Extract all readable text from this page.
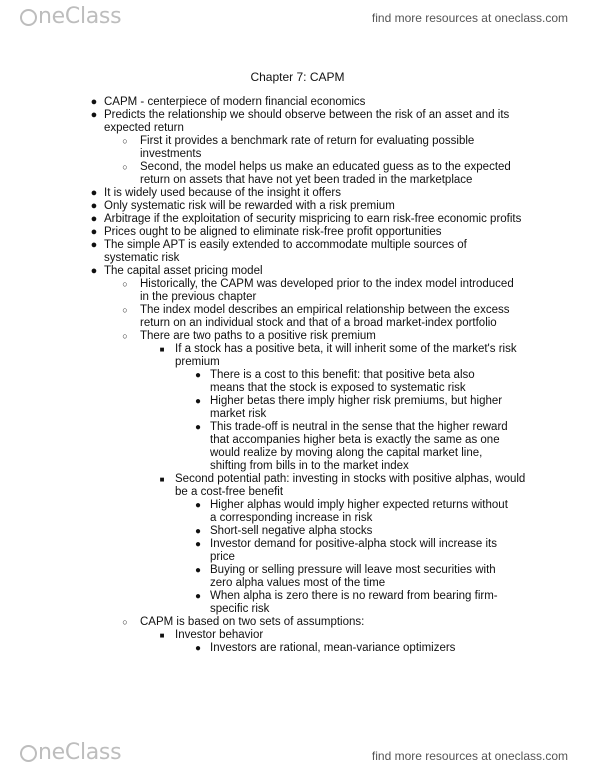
neClass	find more resources at oneclass.com
Chapter 7: CAPM
● CAPM - centerpiece of modern financial economics
● Predicts the relationship we should observe between the risk of an asset and its expected return
○ First it provides a benchmark rate of return for evaluating possible investments
○ Second, the model helps us make an educated guess as to the expected return on assets that have not yet been traded in the marketplace
● It is widely used because of the insight it offers
● Only systematic risk will be rewarded with a risk premium
● Arbitrage if the exploitation of security mispricing to earn risk-free economic profits
● Prices ought to be aligned to eliminate risk-free profit opportunities
● The simple APT is easily extended to accommodate multiple sources of systematic risk
● The capital asset pricing model
○ Historically, the CAPM was developed prior to the index model introduced in the previous chapter
○ The index model describes an empirical relationship between the excess return on an individual stock and that of a broad market-index portfolio
○ There are two paths to a positive risk premium
■ If a stock has a positive beta, it will inherit some of the market's risk premium
● There is a cost to this benefit: that positive beta also means that the stock is exposed to systematic risk
● Higher betas there imply higher risk premiums, but higher market risk
● This trade-off is neutral in the sense that the higher reward that accompanies higher beta is exactly the same as one would realize by moving along the capital market line, shifting from bills in to the market index
■ Second potential path: investing in stocks with positive alphas, would be a cost-free benefit
● Higher alphas would imply higher expected returns without a corresponding increase in risk
● Short-sell negative alpha stocks
● Investor demand for positive-alpha stock will increase its price
● Buying or selling pressure will leave most securities with zero alpha values most of the time
● When alpha is zero there is no reward from bearing firm-specific risk
○ CAPM is based on two sets of assumptions:
■ Investor behavior
● Investors are rational, mean-variance optimizers
neClass	find more resources at oneclass.com
